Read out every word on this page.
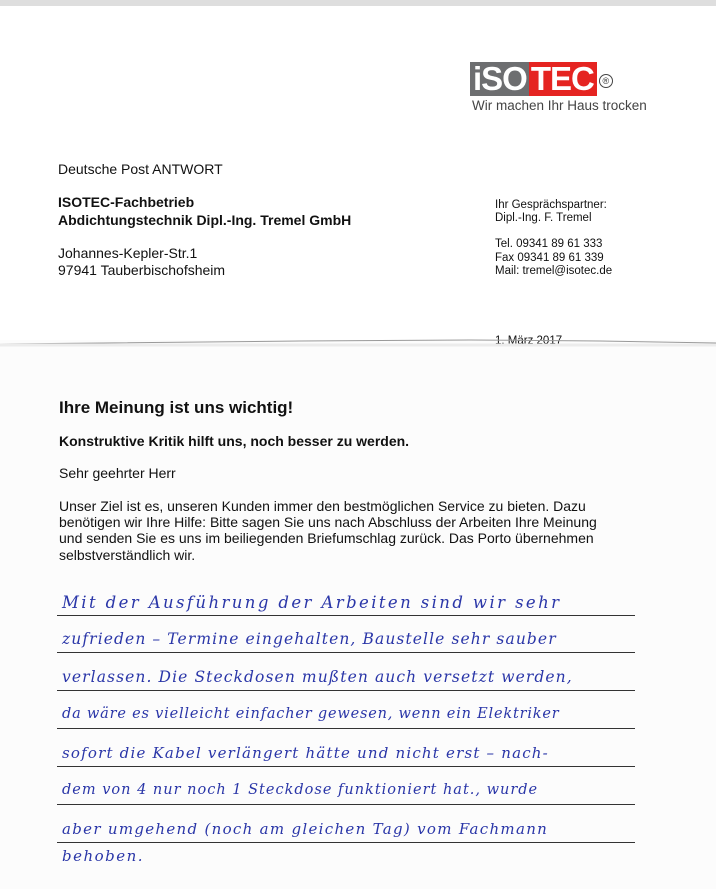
iSO TEC ®
Wir machen Ihr Haus trocken
Deutsche Post ANTWORT
ISOTEC-Fachbetrieb
Abdichtungstechnik Dipl.-Ing. Tremel GmbH
Johannes-Kepler-Str.1
97941 Tauberbischofsheim
Ihr Gesprächspartner:
Dipl.-Ing. F. Tremel
Tel. 09341 89 61 333
Fax 09341 89 61 339
Mail: tremel@isotec.de
1. März 2017
Ihre Meinung ist uns wichtig!
Konstruktive Kritik hilft uns, noch besser zu werden.
Sehr geehrter Herr
Unser Ziel ist es, unseren Kunden immer den bestmöglichen Service zu bieten. Dazu
benötigen wir Ihre Hilfe: Bitte sagen Sie uns nach Abschluss der Arbeiten Ihre Meinung
und senden Sie es uns im beiliegenden Briefumschlag zurück. Das Porto übernehmen
selbstverständlich wir.
Mit der Ausführung der Arbeiten sind wir sehr
zufrieden – Termine eingehalten, Baustelle sehr sauber
verlassen. Die Steckdosen mußten auch versetzt werden,
da wäre es vielleicht einfacher gewesen, wenn ein Elektriker
sofort die Kabel verlängert hätte und nicht erst – nach-
dem von 4 nur noch 1 Steckdose funktioniert hat., wurde
aber umgehend (noch am gleichen Tag) vom Fachmann
behoben.
